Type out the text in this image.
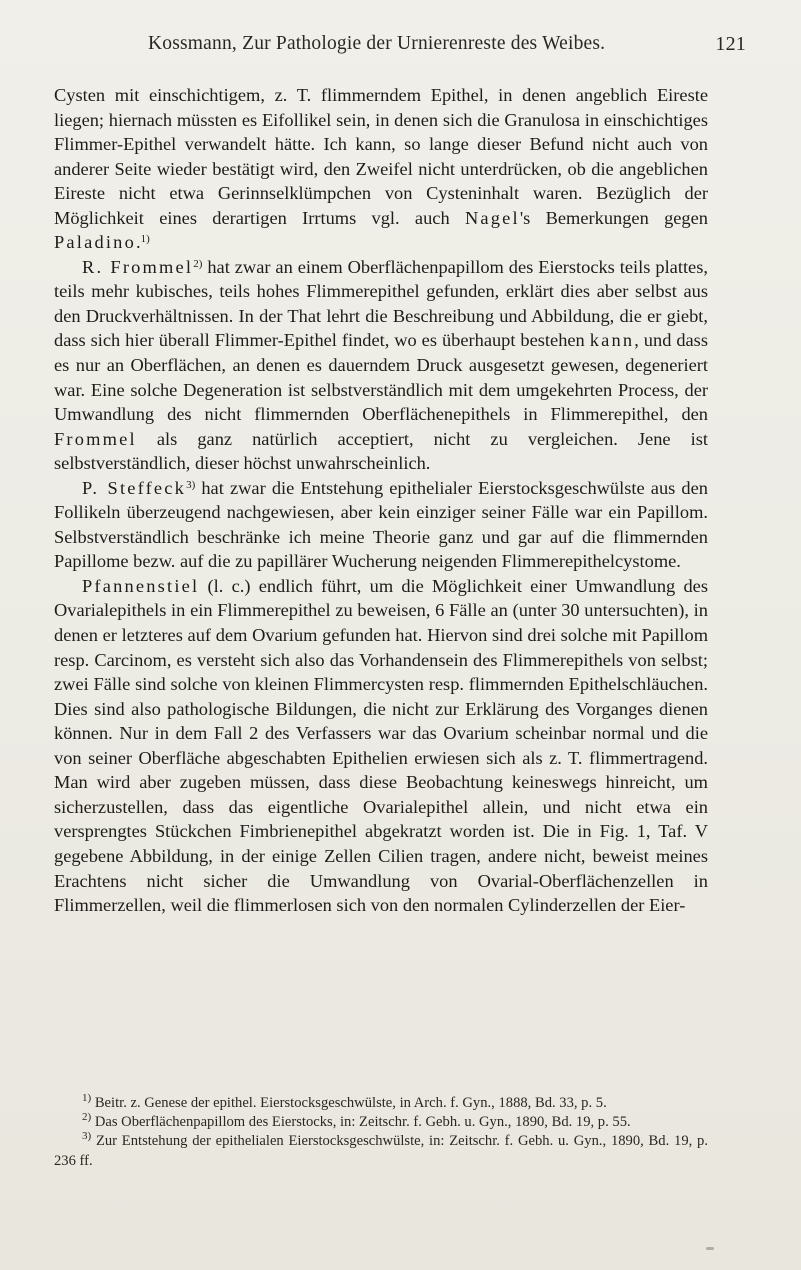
Kossmann, Zur Pathologie der Urnierenreste des Weibes.	121

Cysten mit einschichtigem, z. T. flimmerndem Epithel, in denen angeblich Eireste liegen; hiernach müssten es Eifollikel sein, in denen sich die Granulosa in einschichtiges Flimmer-Epithel verwandelt hätte. Ich kann, so lange dieser Befund nicht auch von anderer Seite wieder bestätigt wird, den Zweifel nicht unterdrücken, ob die angeblichen Eireste nicht etwa Gerinnselklümpchen von Cysteninhalt waren. Bezüglich der Möglichkeit eines derartigen Irrtums vgl. auch Nagel's Bemerkungen gegen Paladino.$^{1)}$

R. Frommel$^{2)}$ hat zwar an einem Oberflächenpapillom des Eierstocks teils plattes, teils mehr kubisches, teils hohes Flimmerepithel gefunden, erklärt dies aber selbst aus den Druckverhältnissen. In der That lehrt die Beschreibung und Abbildung, die er giebt, dass sich hier überall Flimmer-Epithel findet, wo es überhaupt bestehen kann, und dass es nur an Oberflächen, an denen es dauerndem Druck ausgesetzt gewesen, degeneriert war. Eine solche Degeneration ist selbstverständlich mit dem umgekehrten Process, der Umwandlung des nicht flimmernden Oberflächenepithels in Flimmerepithel, den Frommel als ganz natürlich acceptiert, nicht zu vergleichen. Jene ist selbstverständlich, dieser höchst unwahrscheinlich.

P. Steffeck$^{3)}$ hat zwar die Entstehung epithelialer Eierstocksgeschwülste aus den Follikeln überzeugend nachgewiesen, aber kein einziger seiner Fälle war ein Papillom. Selbstverständlich beschränke ich meine Theorie ganz und gar auf die flimmernden Papillome bezw. auf die zu papillärer Wucherung neigenden Flimmerepithelcystome.

Pfannenstiel (l. c.) endlich führt, um die Möglichkeit einer Umwandlung des Ovarialepithels in ein Flimmerepithel zu beweisen, 6 Fälle an (unter 30 untersuchten), in denen er letzteres auf dem Ovarium gefunden hat. Hiervon sind drei solche mit Papillom resp. Carcinom, es versteht sich also das Vorhandensein des Flimmerepithels von selbst; zwei Fälle sind solche von kleinen Flimmercysten resp. flimmernden Epithelschläuchen. Dies sind also pathologische Bildungen, die nicht zur Erklärung des Vorganges dienen können. Nur in dem Fall 2 des Verfassers war das Ovarium scheinbar normal und die von seiner Oberfläche abgeschabten Epithelien erwiesen sich als z. T. flimmertragend. Man wird aber zugeben müssen, dass diese Beobachtung keineswegs hinreicht, um sicherzustellen, dass das eigentliche Ovarialepithel allein, und nicht etwa ein versprengtes Stückchen Fimbrienepithel abgekratzt worden ist. Die in Fig. 1, Taf. V gegebene Abbildung, in der einige Zellen Cilien tragen, andere nicht, beweist meines Erachtens nicht sicher die Umwandlung von Ovarial-Oberflächenzellen in Flimmerzellen, weil die flimmerlosen sich von den normalen Cylinderzellen der Eier-

$^{1)}$ Beitr. z. Genese der epithel. Eierstocksgeschwülste, in Arch. f. Gyn., 1888, Bd. 33, p. 5.

$^{2)}$ Das Oberflächenpapillom des Eierstocks, in: Zeitschr. f. Gebh. u. Gyn., 1890, Bd. 19, p. 55.

$^{3)}$ Zur Entstehung der epithelialen Eierstocksgeschwülste, in: Zeitschr. f. Gebh. u. Gyn., 1890, Bd. 19, p. 236 ff.
